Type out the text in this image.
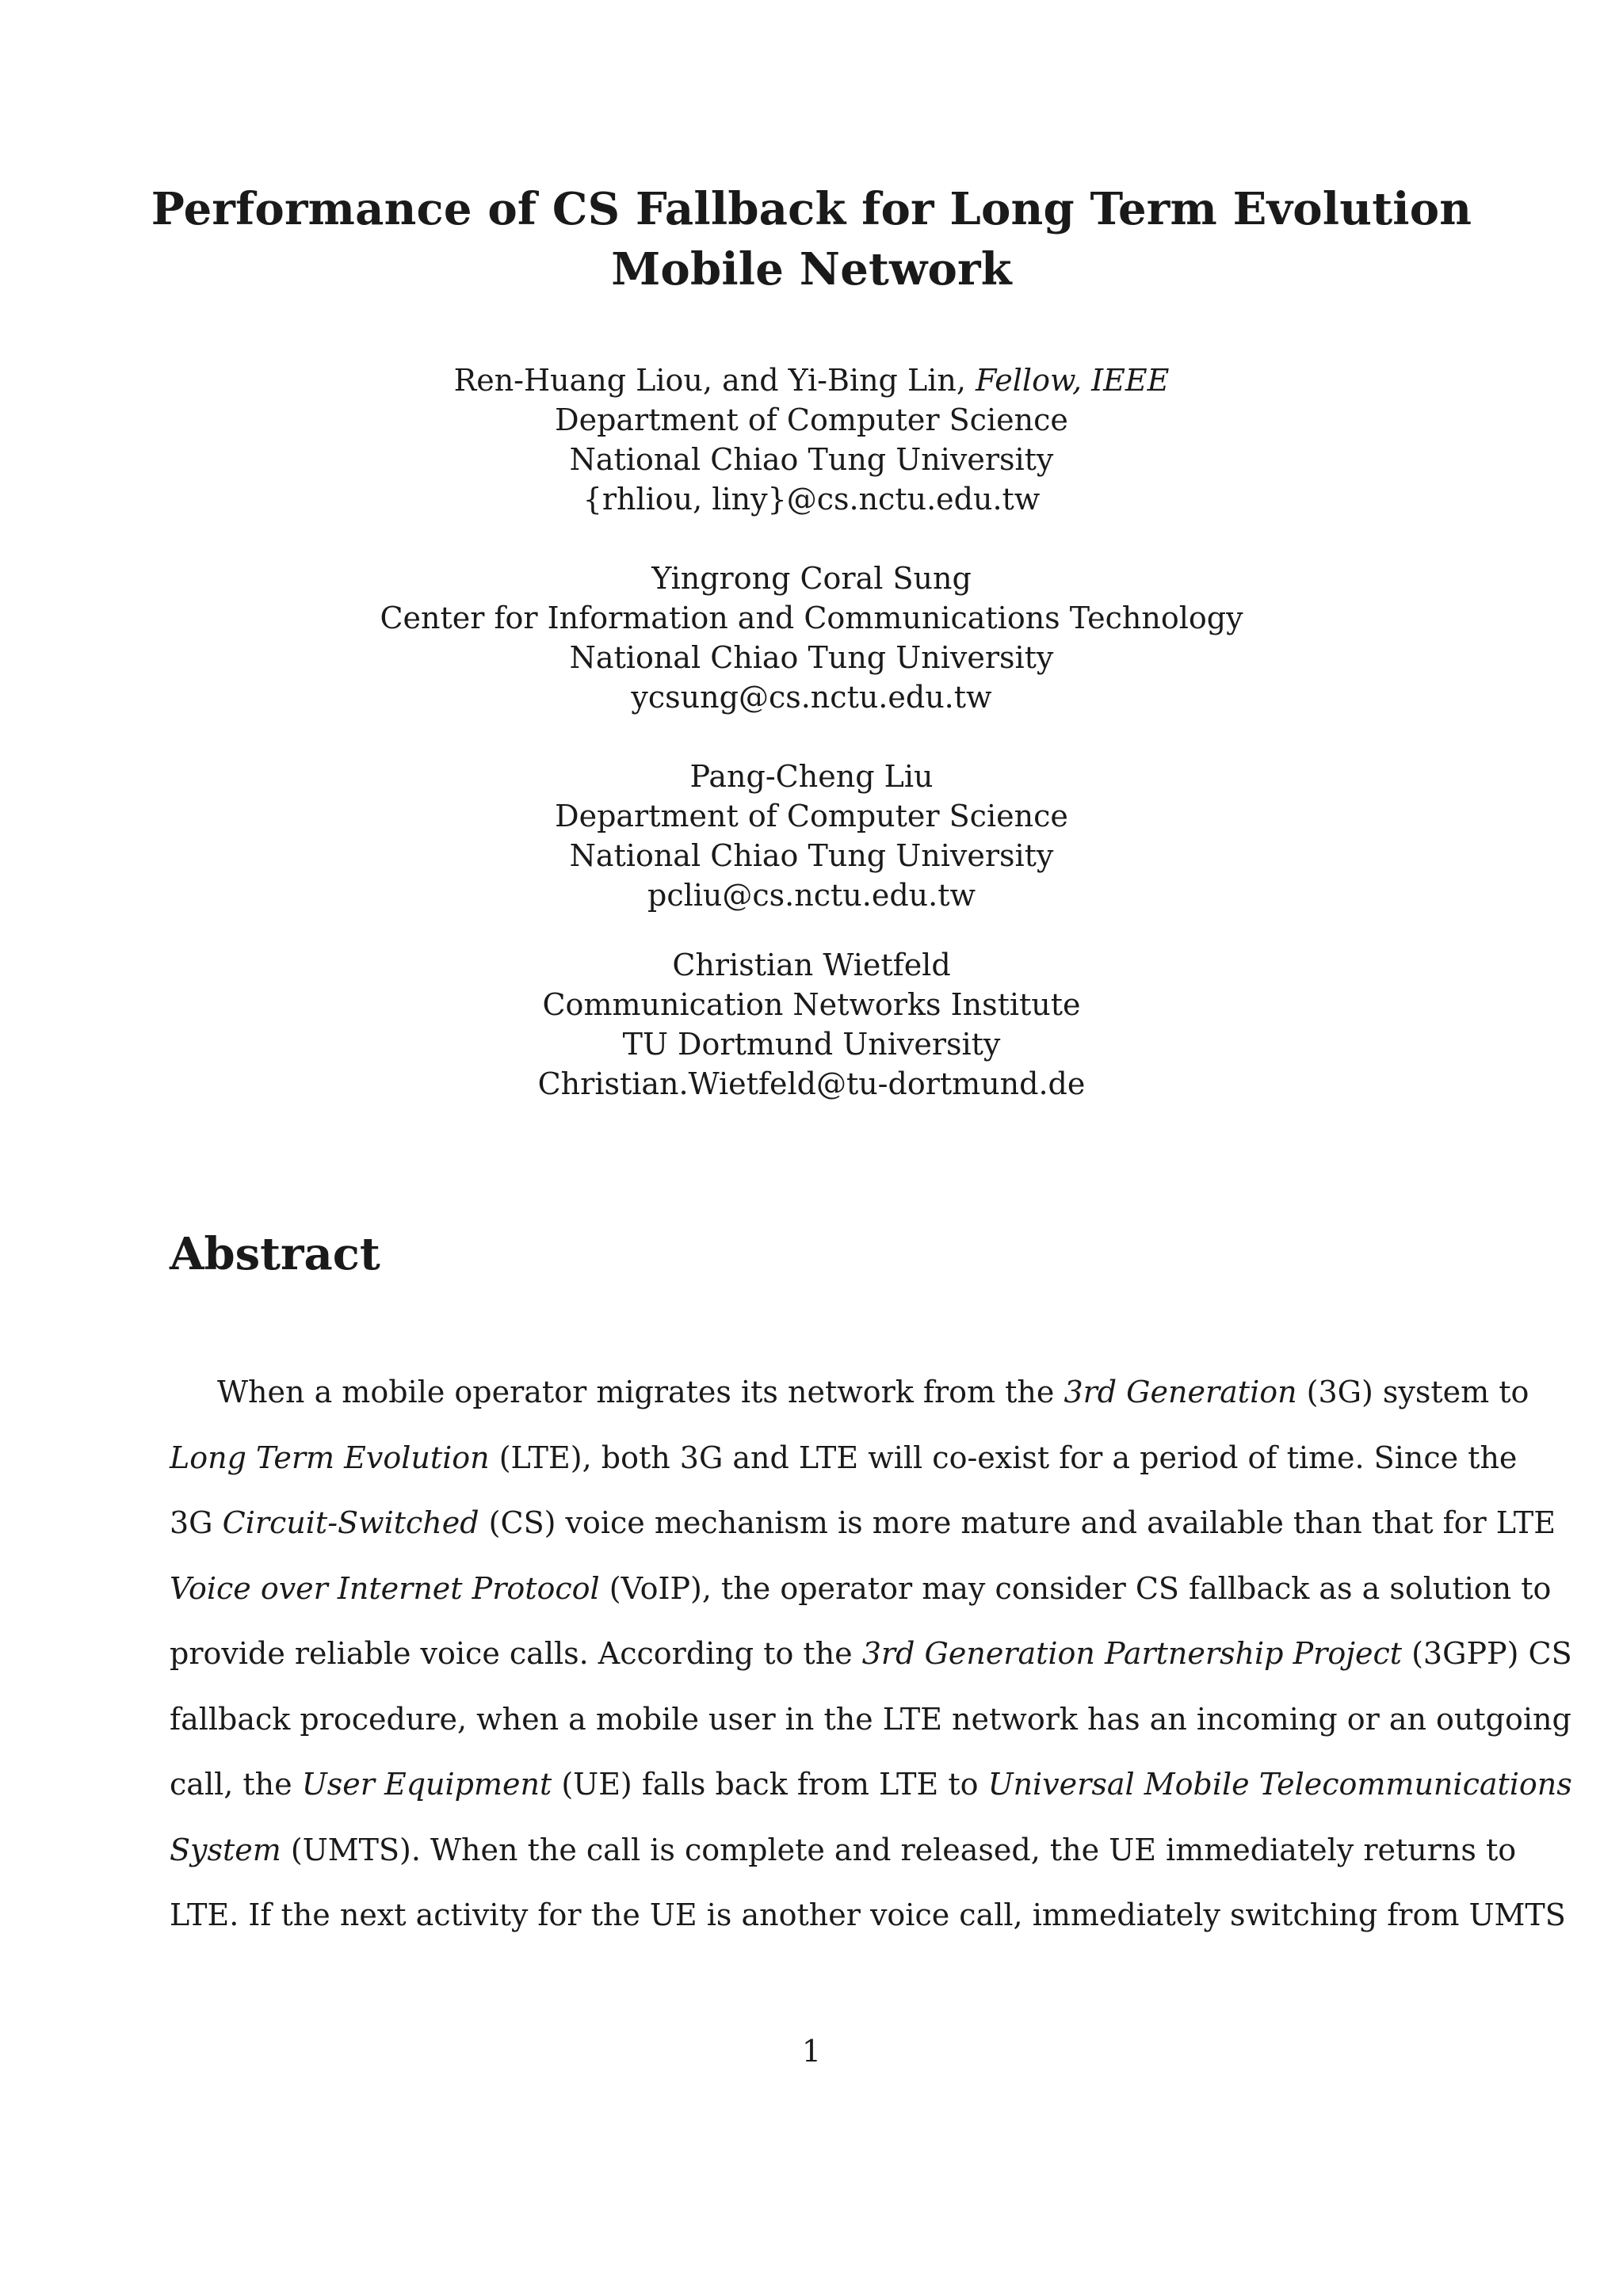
Performance of CS Fallback for Long Term Evolution
Mobile Network
Ren-Huang Liou, and Yi-Bing Lin, Fellow, IEEE
Department of Computer Science
National Chiao Tung University
{rhliou, liny}@cs.nctu.edu.tw
Yingrong Coral Sung
Center for Information and Communications Technology
National Chiao Tung University
ycsung@cs.nctu.edu.tw
Pang-Cheng Liu
Department of Computer Science
National Chiao Tung University
pcliu@cs.nctu.edu.tw
Christian Wietfeld
Communication Networks Institute
TU Dortmund University
Christian.Wietfeld@tu-dortmund.de
Abstract
When a mobile operator migrates its network from the 3rd Generation (3G) system to
Long Term Evolution (LTE), both 3G and LTE will co-exist for a period of time. Since the
3G Circuit-Switched (CS) voice mechanism is more mature and available than that for LTE
Voice over Internet Protocol (VoIP), the operator may consider CS fallback as a solution to
provide reliable voice calls. According to the 3rd Generation Partnership Project (3GPP) CS
fallback procedure, when a mobile user in the LTE network has an incoming or an outgoing
call, the User Equipment (UE) falls back from LTE to Universal Mobile Telecommunications
System (UMTS). When the call is complete and released, the UE immediately returns to
LTE. If the next activity for the UE is another voice call, immediately switching from UMTS
1
